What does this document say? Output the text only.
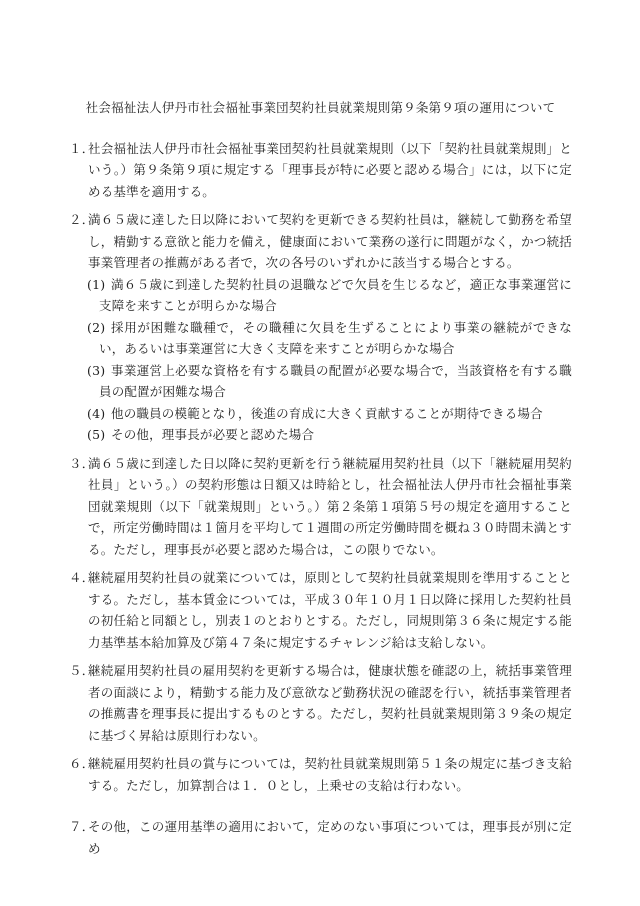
社会福祉法人伊丹市社会福祉事業団契約社員就業規則第９条第９項の運用について
１．
社会福祉法人伊丹市社会福祉事業団契約社員就業規則（以下「契約社員就業規則」という。）第９条第９項に規定する「理事長が特に必要と認める場合」には，以下に定める基準を適用する。
２．
満６５歳に達した日以降において契約を更新できる契約社員は，継続して勤務を希望し，精勤する意欲と能力を備え，健康面において業務の遂行に問題がなく，かつ統括事業管理者の推薦がある者で，次の各号のいずれかに該当する場合とする。
(1) 満６５歳に到達した契約社員の退職などで欠員を生じるなど，適正な事業運営に支障を来すことが明らかな場合
(2) 採用が困難な職種で，その職種に欠員を生ずることにより事業の継続ができない，あるいは事業運営に大きく支障を来すことが明らかな場合
(3) 事業運営上必要な資格を有する職員の配置が必要な場合で，当該資格を有する職員の配置が困難な場合
(4) 他の職員の模範となり，後進の育成に大きく貢献することが期待できる場合
(5) その他，理事長が必要と認めた場合
３．
満６５歳に到達した日以降に契約更新を行う継続雇用契約社員（以下「継続雇用契約社員」という。）の契約形態は日額又は時給とし，社会福祉法人伊丹市社会福祉事業団就業規則（以下「就業規則」という。）第２条第１項第５号の規定を適用することで，所定労働時間は１箇月を平均して１週間の所定労働時間を概ね３０時間未満とする。ただし，理事長が必要と認めた場合は，この限りでない。
４．
継続雇用契約社員の就業については，原則として契約社員就業規則を準用することとする。ただし，基本賃金については，平成３０年１０月１日以降に採用した契約社員の初任給と同額とし，別表１のとおりとする。ただし，同規則第３６条に規定する能力基準基本給加算及び第４７条に規定するチャレンジ給は支給しない。
５．
継続雇用契約社員の雇用契約を更新する場合は，健康状態を確認の上，統括事業管理者の面談により，精勤する能力及び意欲など勤務状況の確認を行い，統括事業管理者の推薦書を理事長に提出するものとする。ただし，契約社員就業規則第３９条の規定に基づく昇給は原則行わない。
６．
継続雇用契約社員の賞与については，契約社員就業規則第５１条の規定に基づき支給する。ただし，加算割合は１．０とし，上乗せの支給は行わない。
７．
その他，この運用基準の適用において，定めのない事項については，理事長が別に定め
